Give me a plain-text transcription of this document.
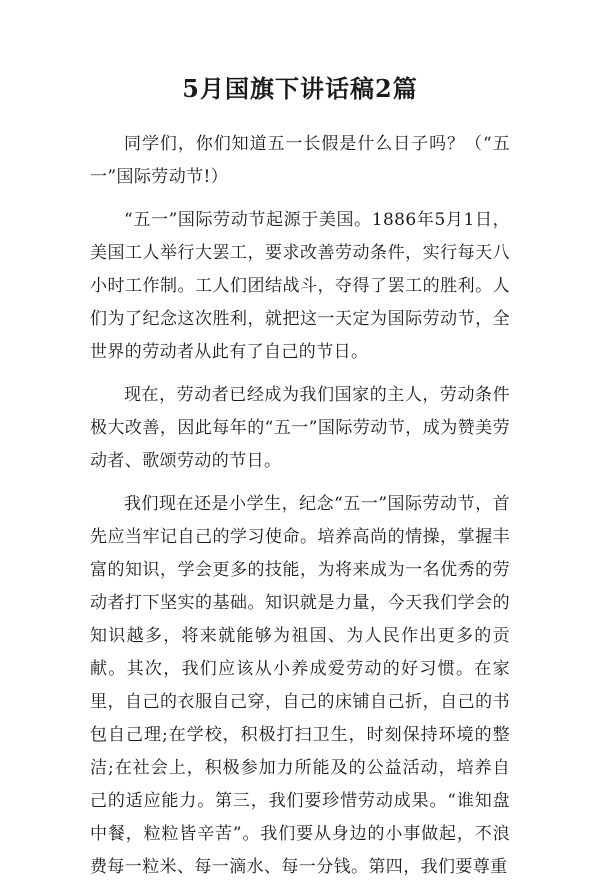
5月国旗下讲话稿2篇

同学们，你们知道五一长假是什么日子吗？（“五一”国际劳动节!）

“五一”国际劳动节起源于美国。1886年5月1日，美国工人举行大罢工，要求改善劳动条件，实行每天八小时工作制。工人们团结战斗，夺得了罢工的胜利。人们为了纪念这次胜利，就把这一天定为国际劳动节，全世界的劳动者从此有了自己的节日。

现在，劳动者已经成为我们国家的主人，劳动条件极大改善，因此每年的“五一”国际劳动节，成为赞美劳动者、歌颂劳动的节日。

我们现在还是小学生，纪念“五一”国际劳动节，首先应当牢记自己的学习使命。培养高尚的情操，掌握丰富的知识，学会更多的技能，为将来成为一名优秀的劳动者打下坚实的基础。知识就是力量，今天我们学会的知识越多，将来就能够为祖国、为人民作出更多的贡献。其次，我们应该从小养成爱劳动的好习惯。在家里，自己的衣服自己穿，自己的床铺自己折，自己的书包自己理;在学校，积极打扫卫生，时刻保持环境的整洁;在社会上，积极参加力所能及的公益活动，培养自己的适应能力。第三，我们要珍惜劳动成果。“谁知盘中餐，粒粒皆辛苦”。我们要从身边的小事做起，不浪费每一粒米、每一滴水、每一分钱。第四，我们要尊重
